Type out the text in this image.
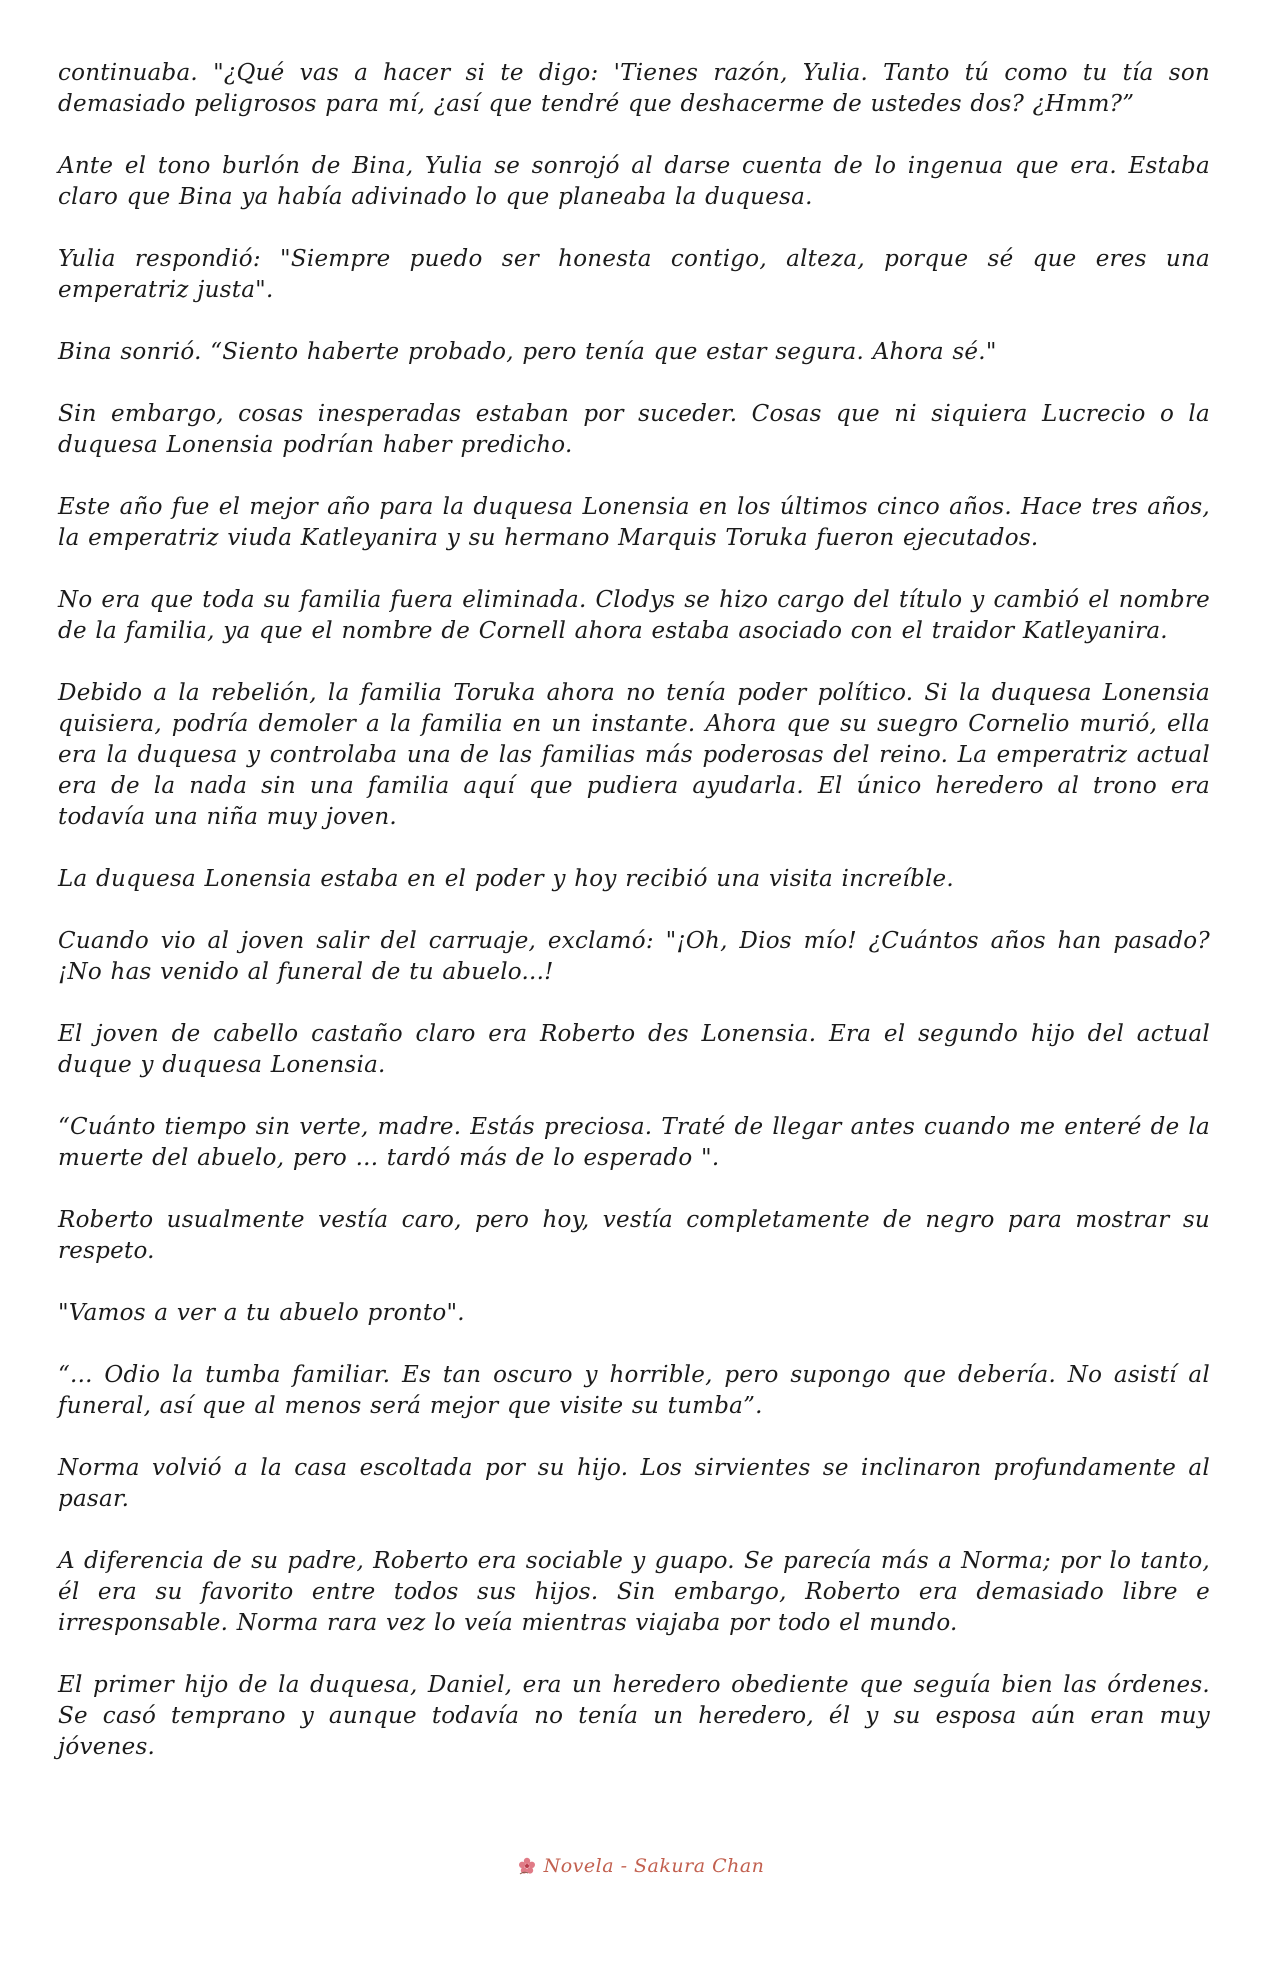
continuaba. "¿Qué vas a hacer si te digo: 'Tienes razón, Yulia. Tanto tú como tu tía son demasiado peligrosos para mí, ¿así que tendré que deshacerme de ustedes dos? ¿Hmm?”

Ante el tono burlón de Bina, Yulia se sonrojó al darse cuenta de lo ingenua que era. Estaba claro que Bina ya había adivinado lo que planeaba la duquesa.

Yulia respondió: "Siempre puedo ser honesta contigo, alteza, porque sé que eres una emperatriz justa".

Bina sonrió. “Siento haberte probado, pero tenía que estar segura. Ahora sé."

Sin embargo, cosas inesperadas estaban por suceder. Cosas que ni siquiera Lucrecio o la duquesa Lonensia podrían haber predicho.

Este año fue el mejor año para la duquesa Lonensia en los últimos cinco años. Hace tres años, la emperatriz viuda Katleyanira y su hermano Marquis Toruka fueron ejecutados.

No era que toda su familia fuera eliminada. Clodys se hizo cargo del título y cambió el nombre de la familia, ya que el nombre de Cornell ahora estaba asociado con el traidor Katleyanira.

Debido a la rebelión, la familia Toruka ahora no tenía poder político. Si la duquesa Lonensia quisiera, podría demoler a la familia en un instante. Ahora que su suegro Cornelio murió, ella era la duquesa y controlaba una de las familias más poderosas del reino. La emperatriz actual era de la nada sin una familia aquí que pudiera ayudarla. El único heredero al trono era todavía una niña muy joven.

La duquesa Lonensia estaba en el poder y hoy recibió una visita increíble.

Cuando vio al joven salir del carruaje, exclamó: "¡Oh, Dios mío! ¿Cuántos años han pasado? ¡No has venido al funeral de tu abuelo...!

El joven de cabello castaño claro era Roberto des Lonensia. Era el segundo hijo del actual duque y duquesa Lonensia.

“Cuánto tiempo sin verte, madre. Estás preciosa. Traté de llegar antes cuando me enteré de la muerte del abuelo, pero ... tardó más de lo esperado ".

Roberto usualmente vestía caro, pero hoy, vestía completamente de negro para mostrar su respeto.

"Vamos a ver a tu abuelo pronto".

“... Odio la tumba familiar. Es tan oscuro y horrible, pero supongo que debería. No asistí al funeral, así que al menos será mejor que visite su tumba”.

Norma volvió a la casa escoltada por su hijo. Los sirvientes se inclinaron profundamente al pasar.

A diferencia de su padre, Roberto era sociable y guapo. Se parecía más a Norma; por lo tanto, él era su favorito entre todos sus hijos. Sin embargo, Roberto era demasiado libre e irresponsable. Norma rara vez lo veía mientras viajaba por todo el mundo.

El primer hijo de la duquesa, Daniel, era un heredero obediente que seguía bien las órdenes. Se casó temprano y aunque todavía no tenía un heredero, él y su esposa aún eran muy jóvenes.

Novela - Sakura Chan
